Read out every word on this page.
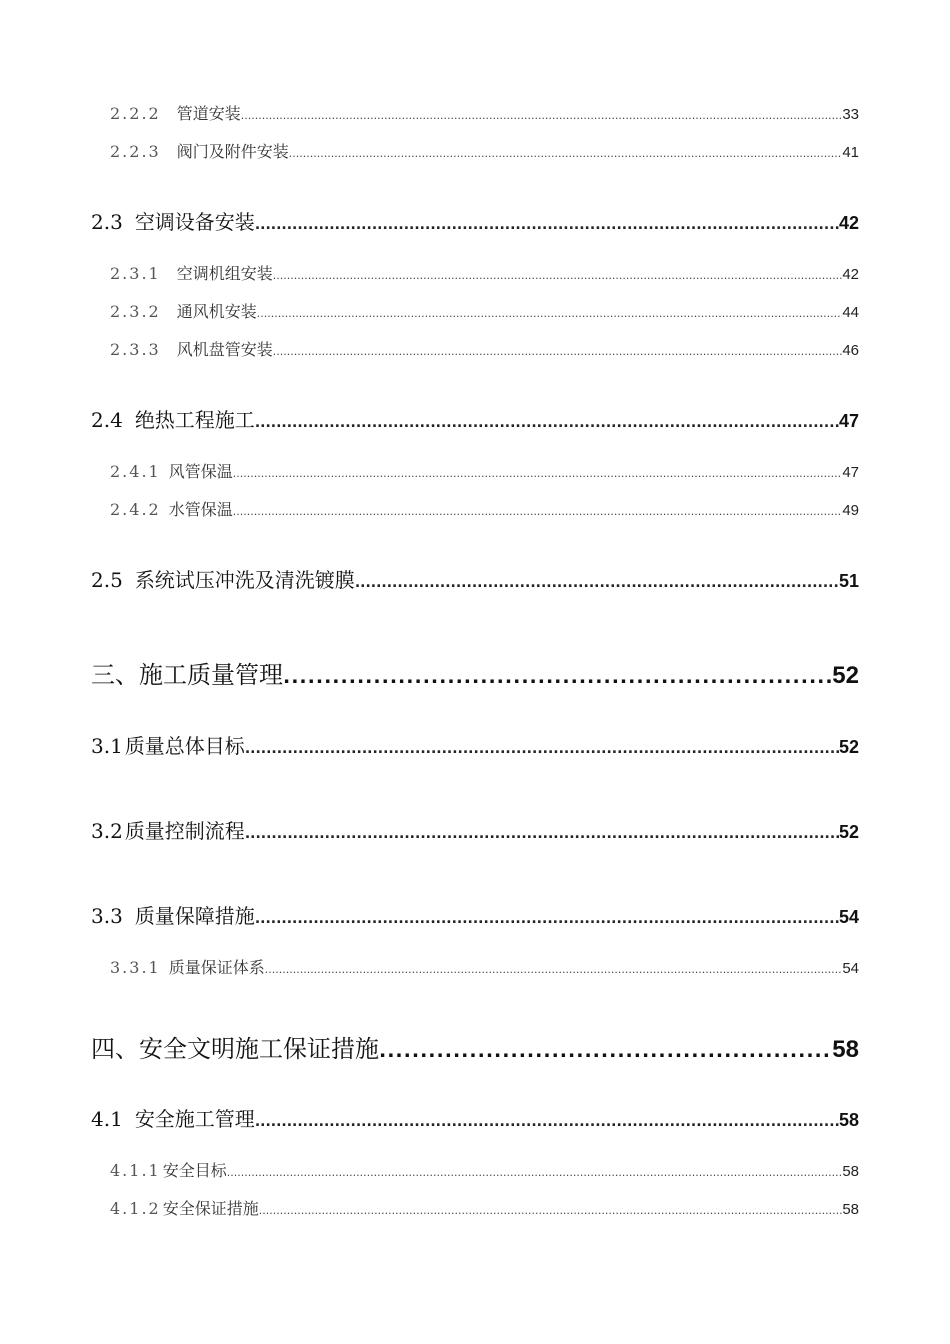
2.2.2 管道安装 .....	33
2.2.3 阀门及附件安装 .....	41
2.3 空调设备安装 .....	42
2.3.1 空调机组安装 .....	42
2.3.2 通风机安装 .....	44
2.3.3 风机盘管安装 .....	46
2.4 绝热工程施工 .....	47
2.4.1 风管保温 .....	47
2.4.2 水管保温 .....	49
2.5 系统试压冲洗及清洗镀膜 .....	51
三、 施工质量管理 .....	52
3.1 质量总体目标 .....	52
3.2 质量控制流程 .....	52
3.3 质量保障措施 .....	54
3.3.1 质量保证体系 .....	54
四、 安全文明施工保证措施 .....	58
4.1 安全施工管理 .....	58
4.1.1 安全目标 .....	58
4.1.2 安全保证措施 .....	58
